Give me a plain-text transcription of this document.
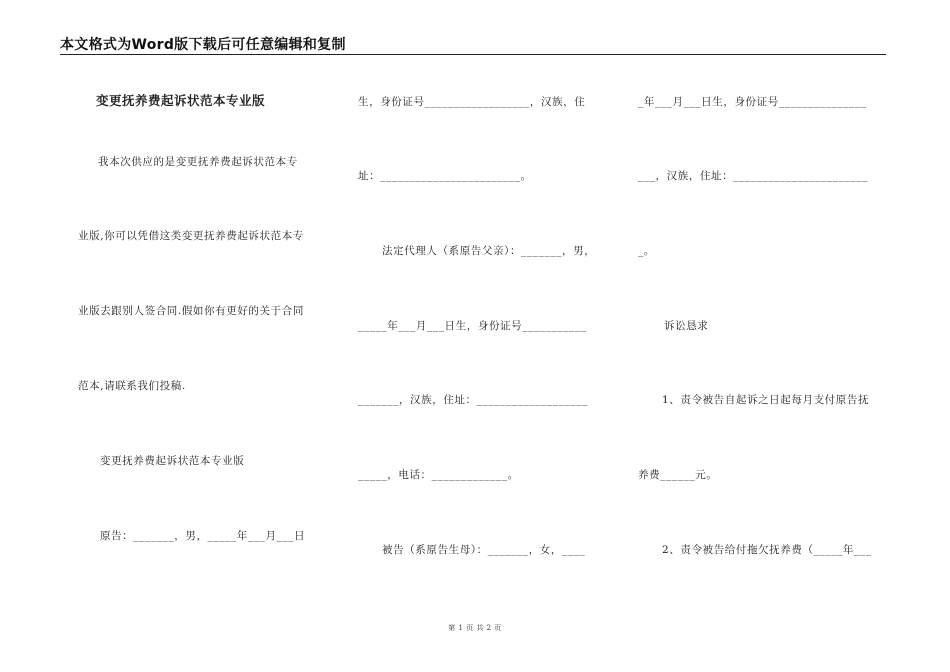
本文格式为Word版下载后可任意编辑和复制
变更抚养费起诉状范本专业版
我本次供应的是变更抚养费起诉状范本专
业版,你可以凭借这类变更抚养费起诉状范本专
业版去跟别人签合同.假如你有更好的关于合同
范本,请联系我们投稿.
变更抚养费起诉状范本专业版
原告：_______，男，_____年___月___日
生，身份证号__________________，汉族，住
址：________________________。
法定代理人（系原告父亲）：_______，男，
_____年___月___日生，身份证号___________
_______，汉族，住址：___________________
_____，电话：_____________。
被告（系原告生母）：_______，女，____
_年___月___日生，身份证号_______________
___，汉族，住址：_______________________
_。
诉讼恳求
1、责令被告自起诉之日起每月支付原告抚
养费______元。
2、责令被告给付拖欠抚养费（_____年___
第 1 页 共 2 页
